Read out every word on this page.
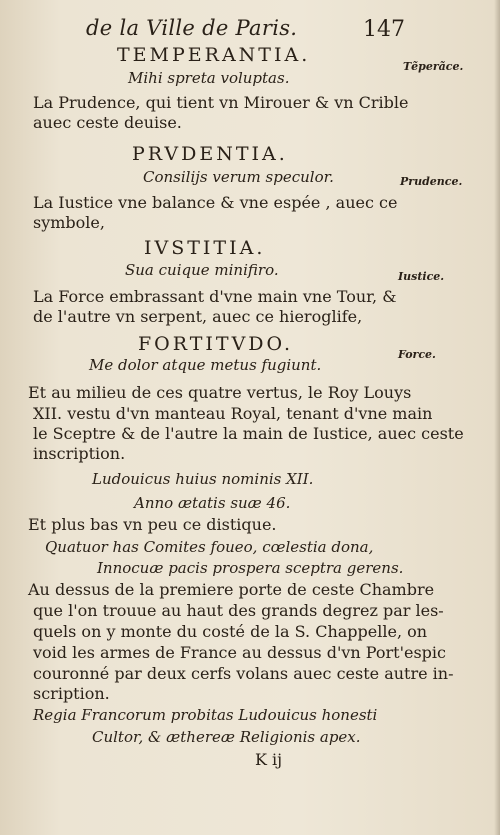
de la Ville de Paris.	147
TEMPERANTIA.
Tẽperãce.
Mihi spreta voluptas.
La Prudence, qui tient vn Mirouer & vn Crible
auec ceste deuise.
PRVDENTIA.
Consilijs verum speculor.	Prudence.
La Iustice vne balance & vne espée , auec ce
symbole,
IVSTITIA.
Sua cuique minifiro.	Iustice.
La Force embrassant d'vne main vne Tour, &
de l'autre vn serpent, auec ce hieroglife,
FORTITVDO.	Force.
Me dolor atque metus fugiunt.
Et au milieu de ces quatre vertus, le Roy Louys
XII. vestu d'vn manteau Royal, tenant d'vne main
le Sceptre & de l'autre la main de Iustice, auec ceste
inscription.
Ludouicus huius nominis XII.
Anno ætatis suæ 46.
Et plus bas vn peu ce distique.
Quatuor has Comites foueo, cœlestia dona,
Innocuæ pacis prospera sceptra gerens.
Au dessus de la premiere porte de ceste Chambre
que l'on trouue au haut des grands degrez par les-
quels on y monte du costé de la S. Chappelle, on
void les armes de France au dessus d'vn Port'espic
couronné par deux cerfs volans auec ceste autre in-
scription.
Regia Francorum probitas Ludouicus honesti
Cultor, & æthereæ Religionis apex.
K ij
